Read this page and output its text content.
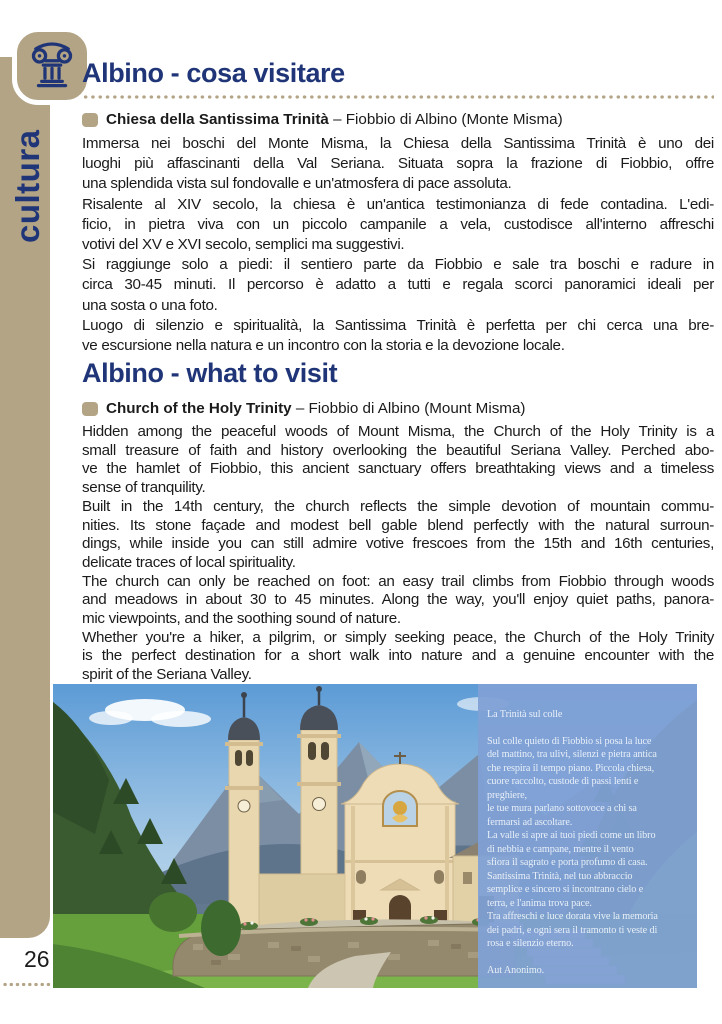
cultura
Albino - cosa visitare
Chiesa della Santissima Trinità – Fiobbio di Albino (Monte Misma)
Immersa nei boschi del Monte Misma, la Chiesa della Santissima Trinità è uno dei
luoghi più affascinanti della Val Seriana. Situata sopra la frazione di Fiobbio, offre
una splendida vista sul fondovalle e un'atmosfera di pace assoluta.
Risalente al XIV secolo, la chiesa è un'antica testimonianza di fede contadina. L'edi-
ficio, in pietra viva con un piccolo campanile a vela, custodisce all'interno affreschi
votivi del XV e XVI secolo, semplici ma suggestivi.
Si raggiunge solo a piedi: il sentiero parte da Fiobbio e sale tra boschi e radure in
circa 30-45 minuti. Il percorso è adatto a tutti e regala scorci panoramici ideali per
una sosta o una foto.
Luogo di silenzio e spiritualità, la Santissima Trinità è perfetta per chi cerca una bre-
ve escursione nella natura e un incontro con la storia e la devozione locale.
Albino - what to visit
Church of the Holy Trinity – Fiobbio di Albino (Mount Misma)
Hidden among the peaceful woods of Mount Misma, the Church of the Holy Trinity is a
small treasure of faith and history overlooking the beautiful Seriana Valley. Perched abo-
ve the hamlet of Fiobbio, this ancient sanctuary offers breathtaking views and a timeless
sense of tranquility.
Built in the 14th century, the church reflects the simple devotion of mountain commu-
nities. Its stone façade and modest bell gable blend perfectly with the natural surroun-
dings, while inside you can still admire votive frescoes from the 15th and 16th centuries,
delicate traces of local spirituality.
The church can only be reached on foot: an easy trail climbs from Fiobbio through woods
and meadows in about 30 to 45 minutes. Along the way, you'll enjoy quiet paths, panora-
mic viewpoints, and the soothing sound of nature.
Whether you're a hiker, a pilgrim, or simply seeking peace, the Church of the Holy Trinity
is the perfect destination for a short walk into nature and a genuine encounter with the
spirit of the Seriana Valley.
La Trinità sul colle
Sul colle quieto di Fiobbio si posa la luce
del mattino, tra ulivi, silenzi e pietra antica
che respira il tempo piano. Piccola chiesa,
cuore raccolto, custode di passi lenti e
preghiere,
le tue mura parlano sottovoce a chi sa
fermarsi ad ascoltare.
La valle si apre ai tuoi piedi come un libro
di nebbia e campane, mentre il vento
sfiora il sagrato e porta profumo di casa.
Santissima Trinità, nel tuo abbraccio
semplice e sincero si incontrano cielo e
terra, e l'anima trova pace.
Tra affreschi e luce dorata vive la memoria
dei padri, e ogni sera il tramonto ti veste di
rosa e silenzio eterno.
Aut Anonimo.
26
